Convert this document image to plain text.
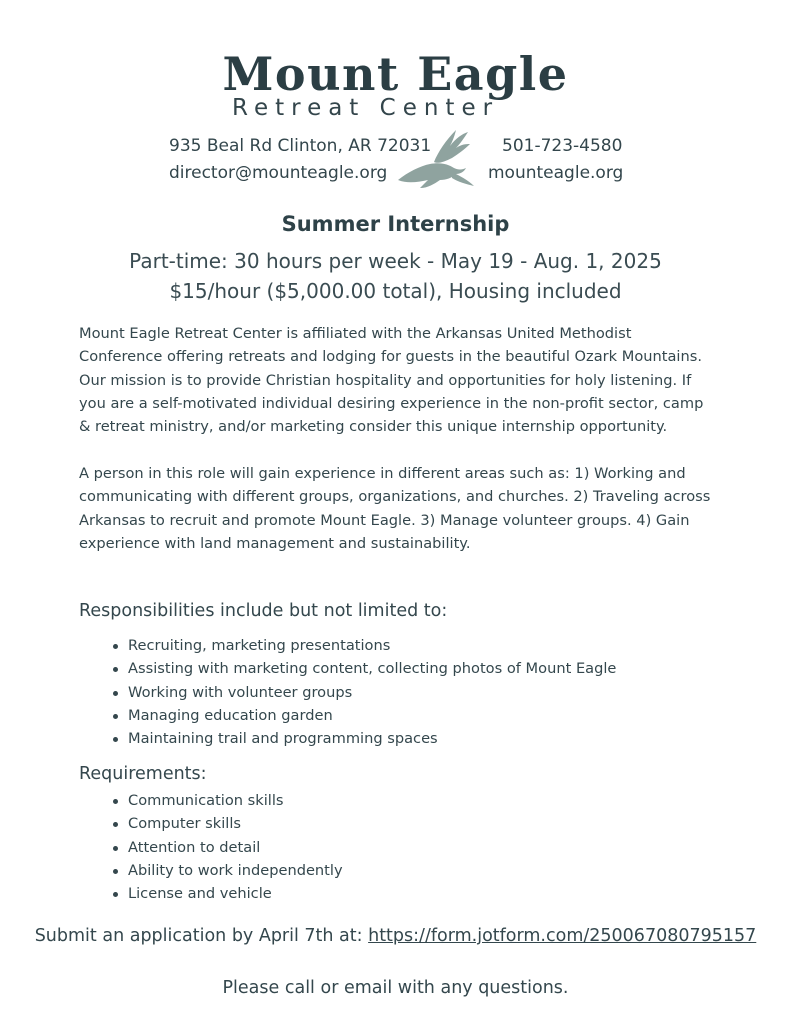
Mount Eagle
Retreat Center
935 Beal Rd Clinton, AR 72031	501-723-4580
director@mounteagle.org	mounteagle.org
Summer Internship
Part-time: 30 hours per week - May 19 - Aug. 1, 2025
$15/hour ($5,000.00 total), Housing included

Mount Eagle Retreat Center is affiliated with the Arkansas United Methodist Conference offering retreats and lodging for guests in the beautiful Ozark Mountains. Our mission is to provide Christian hospitality and opportunities for holy listening. If you are a self-motivated individual desiring experience in the non-profit sector, camp & retreat ministry, and/or marketing consider this unique internship opportunity.

A person in this role will gain experience in different areas such as: 1) Working and communicating with different groups, organizations, and churches. 2) Traveling across Arkansas to recruit and promote Mount Eagle. 3) Manage volunteer groups. 4) Gain experience with land management and sustainability.

Responsibilities include but not limited to:
Recruiting, marketing presentations
Assisting with marketing content, collecting photos of Mount Eagle
Working with volunteer groups
Managing education garden
Maintaining trail and programming spaces
Requirements:
Communication skills
Computer skills
Attention to detail
Ability to work independently
License and vehicle
Submit an application by April 7th at: https://form.jotform.com/250067080795157
Please call or email with any questions.
